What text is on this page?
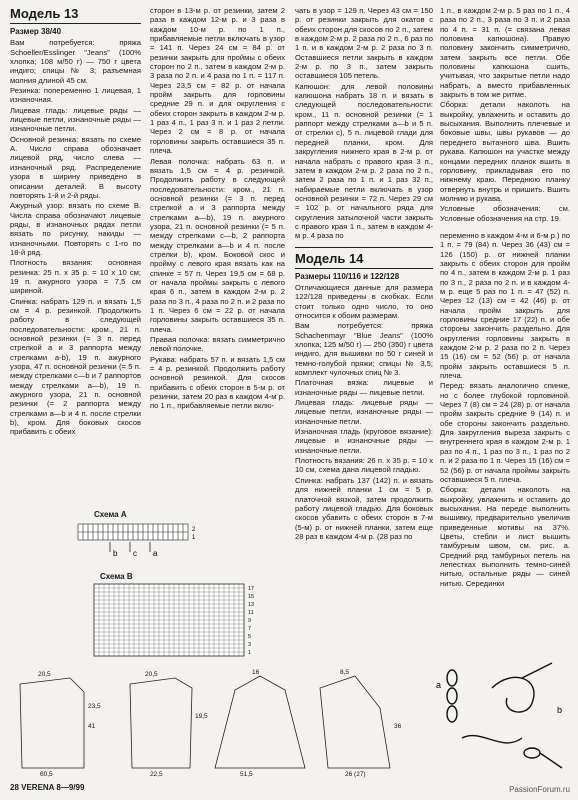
Модель 13
Размер 38/40

Вам потребуется: пряжа Schoeller/Esslinger "Jeans" (100% хлопка; 108 м/50 г) — 750 г цвета индиго; спицы № 3; разъемная молния длиной 45 см.

Резинка: попеременно 1 лицевая, 1 изнаночная.

Лицевая гладь: лицевые ряды — лицевые петли, изнаночные ряды — изнаночные петли.

Основной резинка: вязать по схеме А. Число справа обозначает лицевой ряд, число слева — изнаночный ряд. Распределение узора в ширину приведено в описании деталей. В высоту повторять 1-й и 2-й ряды.

Ажурный узор: вязать по схеме В. Числа справа обозначают лицевые ряды, в изнаночных рядах петли вязать по рисунку, накиды — изнаночными. Повторять с 1-го по 18-й ряд.

Плотность вязания: основная резинка: 25 п. х 35 р. = 10 х 10 см; 19 п. ажурного узора = 7,5 см шириной.

Спинка: набрать 129 п. и вязать 1,5 см = 4 р. резинкой. Продолжить работу в следующей последовательности: кром., 21 п. основной резинки (= 3 п. перед стрелкой а и 3 раппорта между стрелками а-b), 19 п. ажурного узора, 47 п. основной резинки (= 5 п. между стрелками с—b и 7 раппортов между стрелками а—b), 19 п. ажурного узора, 21 п. основной резинки (= 2 раппорта между стрелками а—b и 4 п. после стрелки b), кром. Для боковых скосов прибавить с обеих

сторон в 13-м р. от резинки, затем 2 раза в каждом 12-м р. и 3 раза в каждом 10-м р. по 1 п., прибавляемые петли включать в узор = 141 п. Через 24 см = 84 р. от резинки закрыть для проймы с обеих сторон по 2 п., затем в каждом 2-м р. 3 раза по 2 п. и 4 раза по 1 п. = 117 п. Через 23,5 см = 82 р. от начала пройм закрыть для горловины средние 29 п. и для округления с обеих сторон закрыть в каждом 2-м р. 1 раз 4 п., 1 раз 3 п. и 1 раз 2 петли. Через 2 см = 8 р. от начала горловины закрыть оставшиеся 35 п. плеча.

Левая полочка: набрать 63 п. и вязать 1,5 см = 4 р. резинкой. Продолжить работу в следующей последовательности: кром., 21 п. основной резинки (= 3 п. перед стрелкой а и 3 раппорта между стрелками а—b), 19 п. ажурного узора, 21 п. основной резинки (= 5 п. между стрелками с—b, 2 раппорта между стрелками а—b и 4 п. после стрелки b), кром. Боковой скос и пройму с левого края вязать как на спинке = 57 п. Через 19,5 см = 68 р. от начала проймы закрыть с левого края 6 п., затем в каждом 2-м р. 2 раза по 3 п., 4 раза по 2 п. и 2 раза по 1 п. Через 6 см = 22 р. от начала горловины закрыть оставшиеся 35 п. плеча.

Правая полочка: вязать симметрично левой полочке.

Рукава: набрать 57 п. и вязать 1,5 см = 4 р. резинкой. Продолжить работу основной резинкой. Для скосов прибавить с обеих сторон в 5-м р. от резинки, затем 20 раз в каждом 4-м р. по 1 п., прибавляемые петли вклю-

чать в узор = 129 п. Через 43 см = 150 р. от резинки закрыть для окатов с обеих сторон для скосов по 2 п., затем в каждом 2-м р. 2 раза по 2 п., 6 раз по 1 п. и в каждом 2-м р. 2 раза по 3 п. Оставшиеся петли закрыть в каждом 2-м р. по 3 п., затем закрыть оставшиеся 105 петель.

Капюшон: для левой половины капюшона набрать 18 п. и вязать в следующей последовательности: кром., 11 п. основной резинки (= 1 раппорт между стрелками а—b и 5 п. от стрелки с), 5 п. лицевой глади для передней планки, кром. Для закругления нижнего края в 2-м р. от начала набрать с правого края 3 п., затем в каждом 2-м р. 2 раза по 2 п., затем 2 раза по 1 п. и 1 раз 32 п., набираемые петли включать в узор основной резинки = 72 п. Через 29 см = 102 р. от начального ряда для скругления затылочной части закрыть с правого края 1 п., затем в каждом 4-м р. 4 раза по

Модель 14
Размеры 110/116 и 122/128

Отличающиеся данные для размера 122/128 приведены в скобках. Если стоит только одно число, то оно относится к обоим размерам.

Вам потребуется: пряжа Schachenmayr "Blue Jeans" (100% хлопка; 125 м/50 г) — 250 (350) г цвета индиго, для вышивки по 50 г синей и темно-голубой пряжи; спицы № 3,5; комплект чулочных спиц № 3.

Платочная вязка: лицевые и изнаночные ряды — лицевые петли.

Лицевая гладь: лицевые ряды — лицевые петли, изнаночные ряды — изнаночные петли.

Изнаночная гладь (круговое вязание): лицевые и изнаночные ряды — изнаночные петли.

Плотность вязания: 26 п. х 35 р. = 10 х 10 см, схема дана лицевой гладью.

Спинка: набрать 137 (142) п. и вязать для нижней планки 1 см = 5 р. платочной вязкой, затем продолжить работу лицевой гладью. Для боковых скосов убавить с обеих сторон в 7-м (5-м) р. от нижней планки, затем еще 28 раз в каждом 4-м р. (28 раз по

1 п., в каждом 2-м р. 5 раз по 1 п., 4 раза по 2 п., 3 раза по 3 п. и 2 раза по 4 п. = 31 п. (= связана левая половина капюшона). Правую половину закончить симметрично, затем закрыть все петли. Обе половины капюшона сшить, учитывая, что закрытые петли надо набрать, а вместо прибавленных закрыть в том же ритме.

Сборка: детали наколоть на выкройку, увлажнить и оставить до высыхания. Выполнить плечевые и боковые швы, швы рукавов — до переднего вытачного шва. Вшить рукава. Капюшон на участке между концами передних планок вшить в горловину, прикладывая его по нижнему краю. Переднюю планку отвернуть внутрь и пришить. Вшить молнию и рукава.

Условные обозначения: см. Условные обозначения на стр. 19.

переменно в каждом 4-м и 6-м р.) по 1 п. = 79 (84) п. Через 36 (43) см = 126 (150) р. от нижней планки закрыть с обеих сторон для пройм по 4 п., затем в каждом 2-м р. 1 раз по 3 п., 2 раза по 2 п. и в каждом 4-м р. еще 5 раз по 1 п. = 47 (52) п. Через 12 (13) см = 42 (46) р. от начала пройм закрыть для горловины средние 17 (22) п. и обе стороны закончить раздельно. Для округления горловины закрыть в каждом 2-м р. 2 раза по 2 п. Через 15 (16) см = 52 (56) р. от начала пройм закрыть оставшиеся 5 п. плеча.

Перед: вязать аналогично спинке, но с более глубокой горловиной. Через 7 (8) см = 24 (28) р. от начала пройм закрыть средние 9 (14) п. и обе стороны закончить раздельно. Для закругления выреза закрыть с внутреннего края в каждом 2-м р. 1 раз по 4 п., 1 раз по 3 п., 1 раз по 2 п. и 2 раза по 1 п. Через 15 (16) см = 52 (56) р. от начала проймы закрыть оставшиеся 5 п. плеча.

Сборка: детали наколоть на выкройку, увлажнить и оставить до высыхания. На переде выполнить вышивку, предварительно увеличив приведенные мотивы на 37%. Цветы, стебли и лист вышить тамбурным швом, см. рис. а. Средний ряд тамбурных петель на лепестках выполнить темно-синей нитью, остальные ряды — синей нитью. Серединки

Схема А
2
1
b c a
Схема В
17
15
13
11
9
7
5
3
1
20,5
23,5
41
60,5
20,5
19,5
22,5
16
51,5
8,5
36
26 (27)
a
b
28 VERENA 8—9/99	PassionForum.ru
